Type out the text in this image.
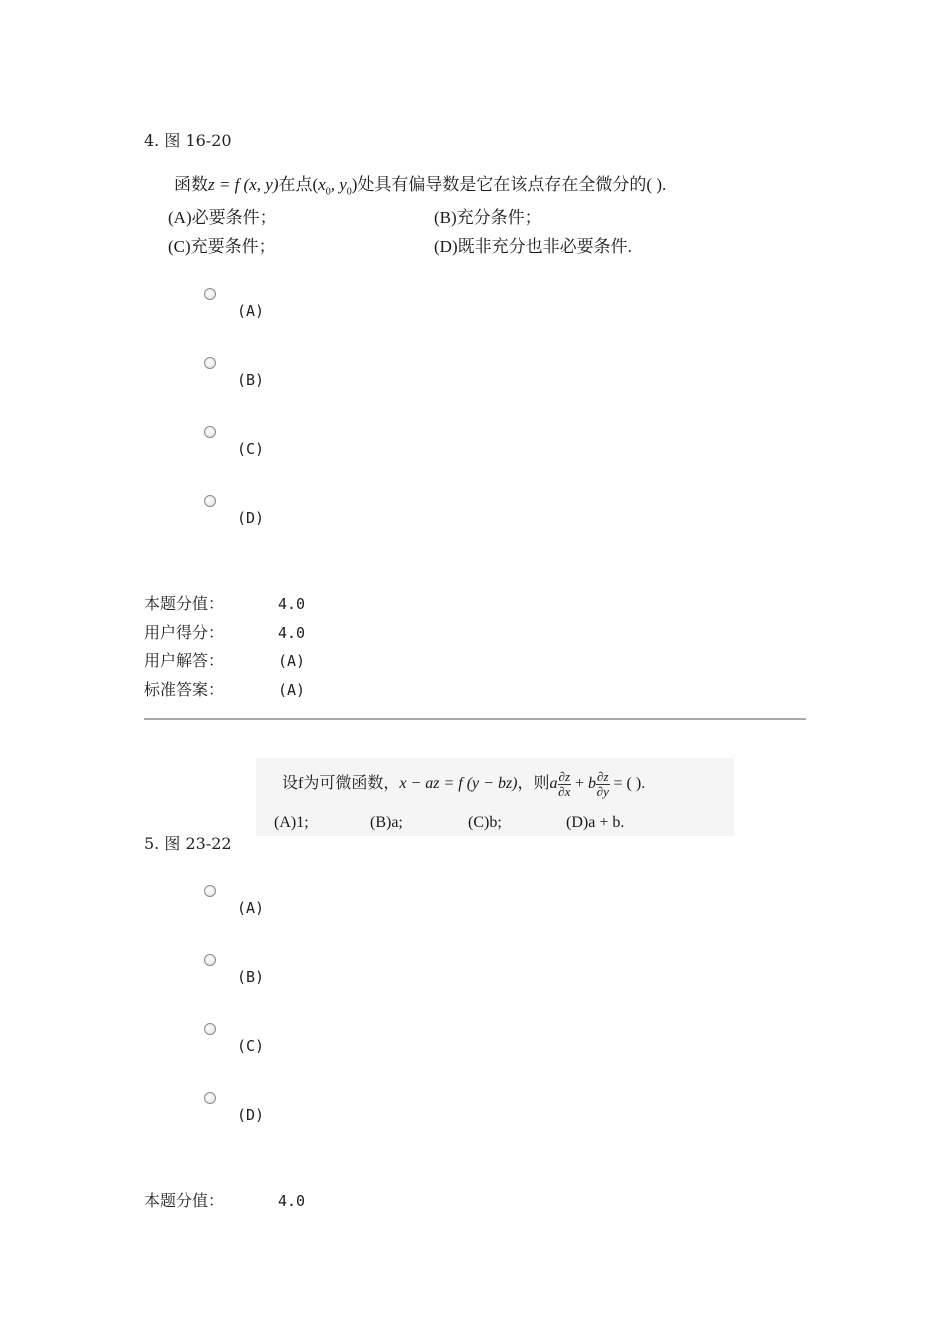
4. 图 16-20
函数z = f (x, y)在点($x_0$, $y_0$)处具有偏导数是它在该点存在全微分的( ).
(A)必要条件；	(B)充分条件；
(C)充要条件；	(D)既非充分也非必要条件.
(A)
(B)
(C)
(D)
本题分值：	4.0
用户得分：	4.0
用户解答：	(A)
标准答案：	(A)
设f为可微函数，x − az = f (y − bz)，则a $\frac{\partial z}{\partial x} + b \frac{\partial z}{\partial y}$ = ( ).
(A)1;	(B)a;	(C)b;	(D)a + b.
5. 图 23-22
(A)
(B)
(C)
(D)
本题分值：	4.0
